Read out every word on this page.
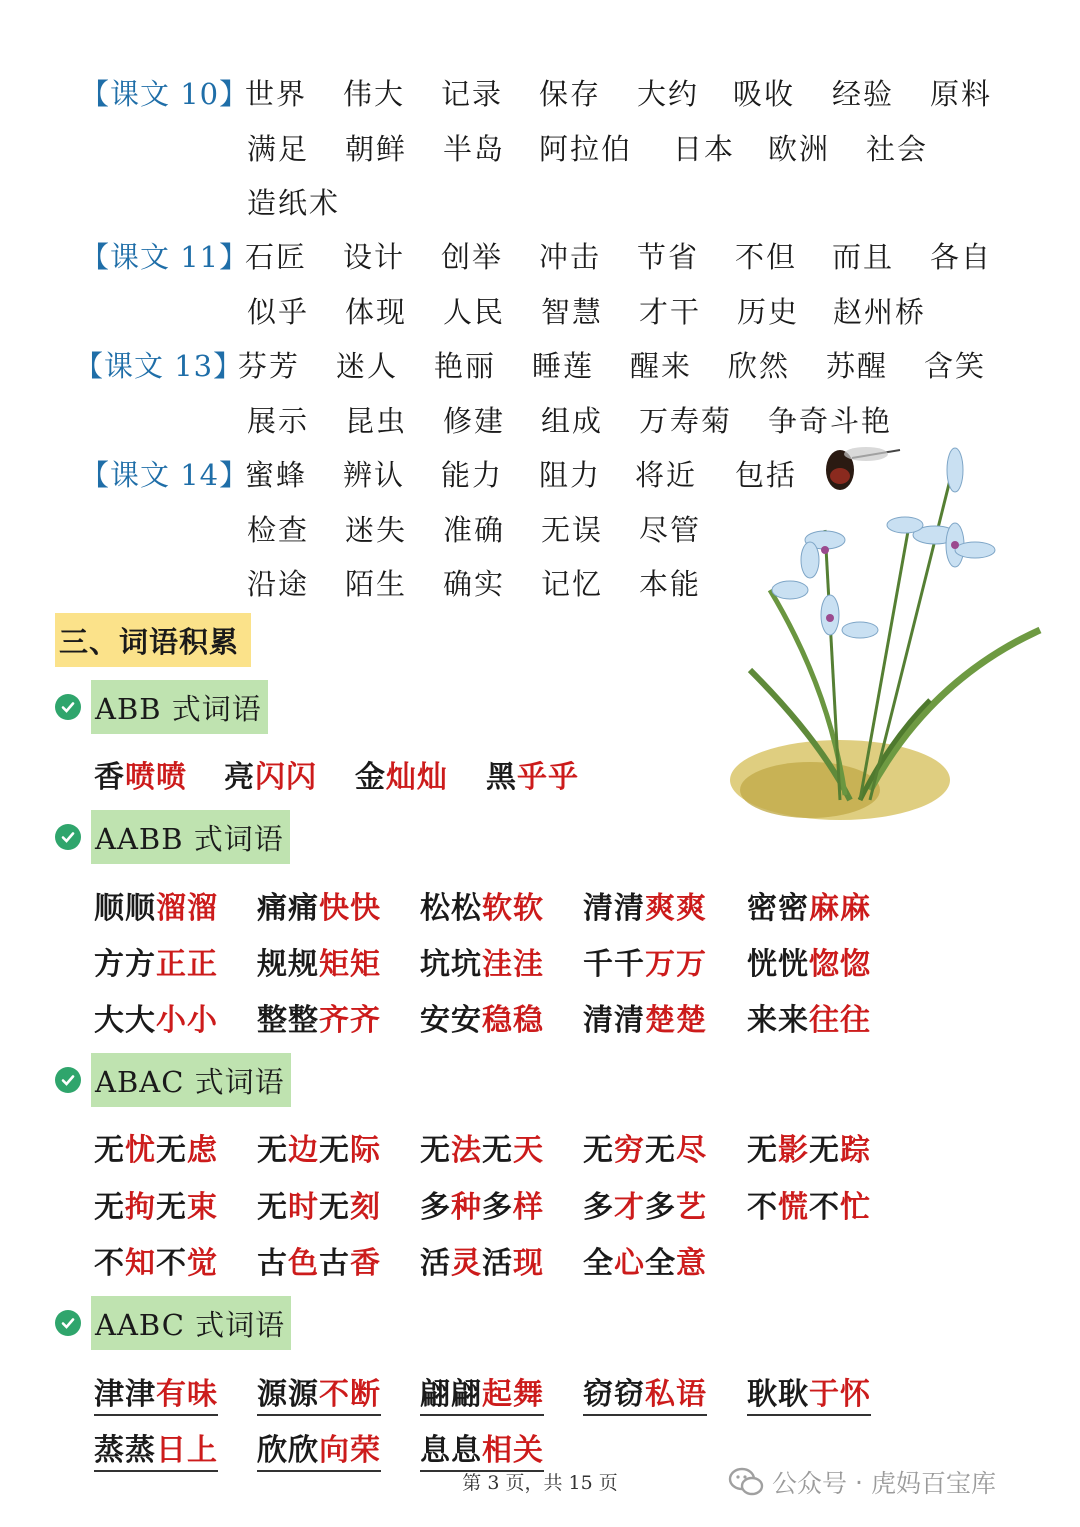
【课文 10】
世界 伟大 记录 保存 大约 吸收 经验 原料
满足 朝鲜 半岛 阿拉伯 日本 欧洲 社会
造纸术
【课文 11】
石匠 设计 创举 冲击 节省 不但 而且 各自
似乎 体现 人民 智慧 才干 历史 赵州桥
【课文 13】
芬芳 迷人 艳丽 睡莲 醒来 欣然 苏醒 含笑
展示 昆虫 修建 组成 万寿菊 争奇斗艳
【课文 14】
蜜蜂 辨认 能力 阻力 将近 包括
检查 迷失 准确 无误 尽管
沿途 陌生 确实 记忆 本能
三、词语积累
ABB 式词语
香喷喷 亮闪闪 金灿灿 黑乎乎
AABB 式词语
顺顺溜溜 痛痛快快 松松软软 清清爽爽 密密麻麻
方方正正 规规矩矩 坑坑洼洼 千千万万 恍恍惚惚
大大小小 整整齐齐 安安稳稳 清清楚楚 来来往往
ABAC 式词语
无忧无虑 无边无际 无法无天 无穷无尽 无影无踪
无拘无束 无时无刻 多种多样 多才多艺 不慌不忙
不知不觉 古色古香 活灵活现 全心全意
AABC 式词语
津津有味 源源不断 翩翩起舞 窃窃私语 耿耿于怀
蒸蒸日上 欣欣向荣 息息相关
第 3 页，共 15 页	公众号 · 虎妈百宝库
